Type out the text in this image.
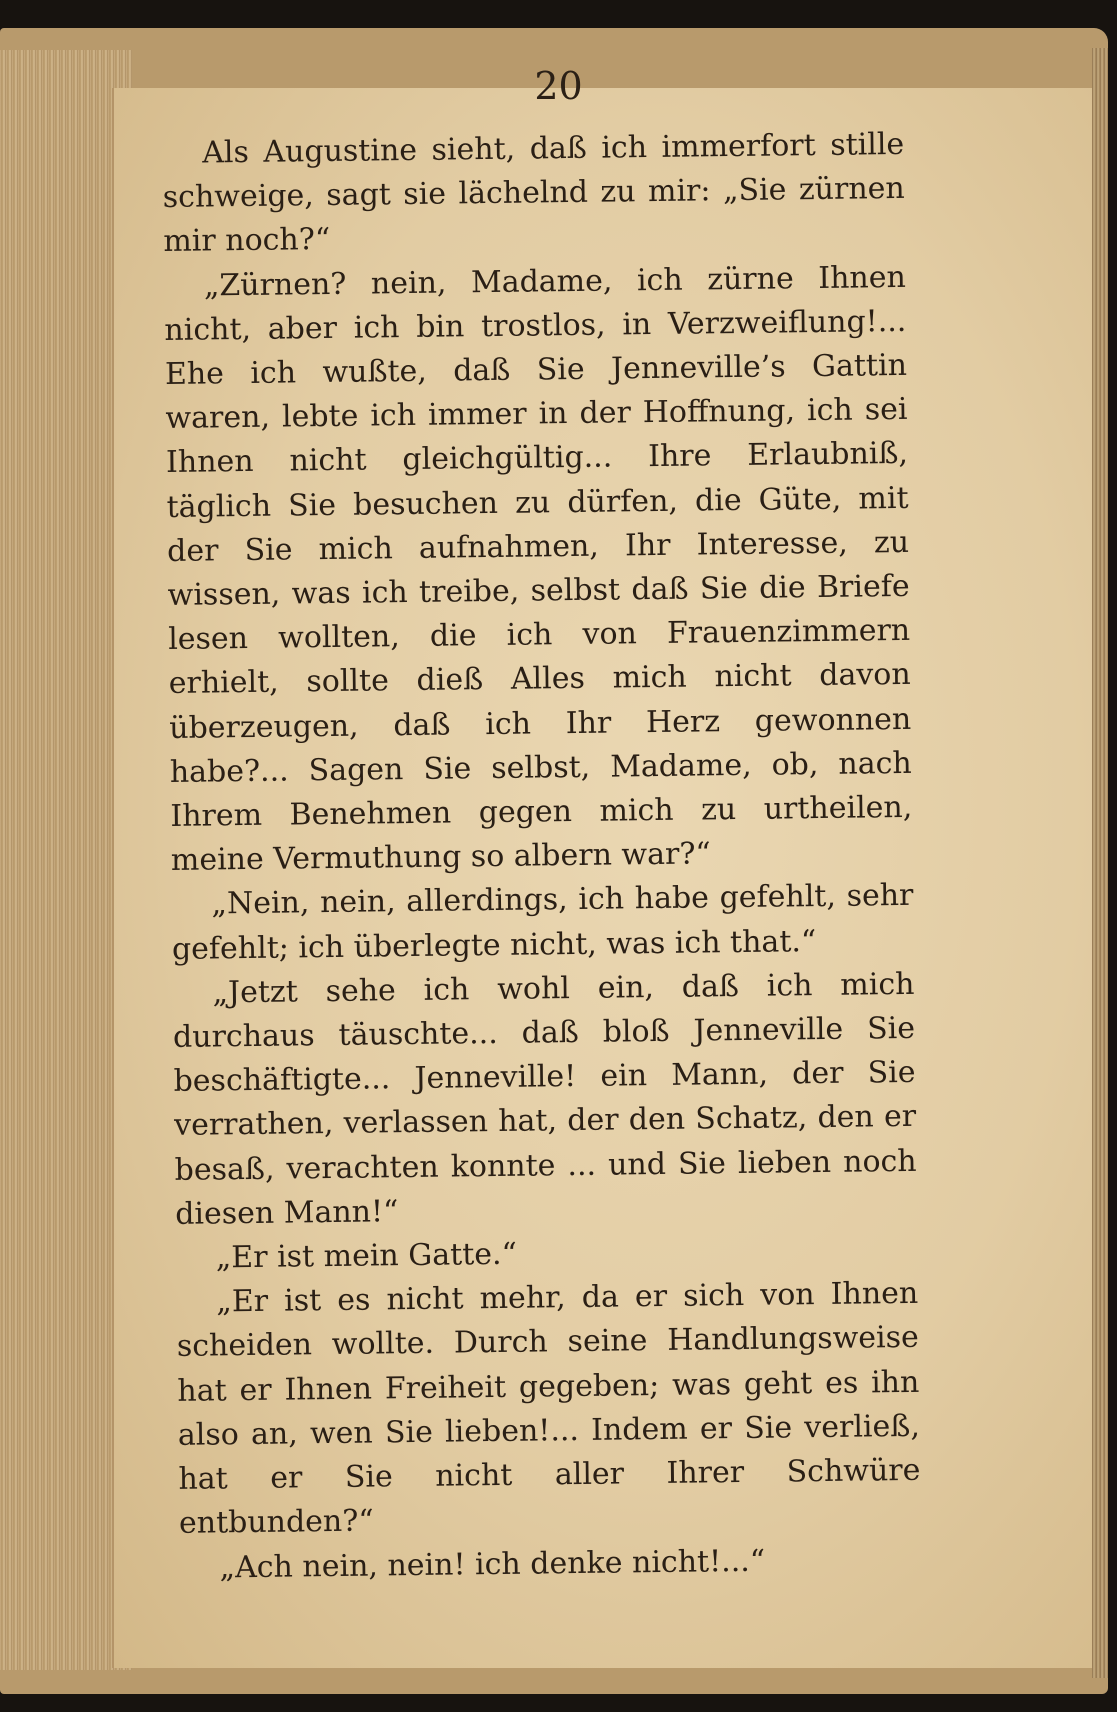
20

Als Augustine sieht, daß ich immerfort stille schweige, sagt sie lächelnd zu mir: „Sie zürnen mir noch?“

„Zürnen? nein, Madame, ich zürne Ihnen nicht, aber ich bin trostlos, in Verzweiflung!... Ehe ich wußte, daß Sie Jenneville’s Gattin waren, lebte ich immer in der Hoffnung, ich sei Ihnen nicht gleichgültig... Ihre Erlaubniß, täglich Sie besuchen zu dürfen, die Güte, mit der Sie mich aufnahmen, Ihr Interesse, zu wissen, was ich treibe, selbst daß Sie die Briefe lesen wollten, die ich von Frauenzimmern erhielt, sollte dieß Alles mich nicht davon überzeugen, daß ich Ihr Herz gewonnen habe?... Sagen Sie selbst, Madame, ob, nach Ihrem Benehmen gegen mich zu urtheilen, meine Vermuthung so albern war?“

„Nein, nein, allerdings, ich habe gefehlt, sehr gefehlt; ich überlegte nicht, was ich that.“

„Jetzt sehe ich wohl ein, daß ich mich durchaus täuschte... daß bloß Jenneville Sie beschäftigte... Jenneville! ein Mann, der Sie verrathen, verlassen hat, der den Schatz, den er besaß, verachten konnte ... und Sie lieben noch diesen Mann!“

„Er ist mein Gatte.“

„Er ist es nicht mehr, da er sich von Ihnen scheiden wollte. Durch seine Handlungsweise hat er Ihnen Freiheit gegeben; was geht es ihn also an, wen Sie lieben!... Indem er Sie verließ, hat er Sie nicht aller Ihrer Schwüre entbunden?“

„Ach nein, nein! ich denke nicht!...“
